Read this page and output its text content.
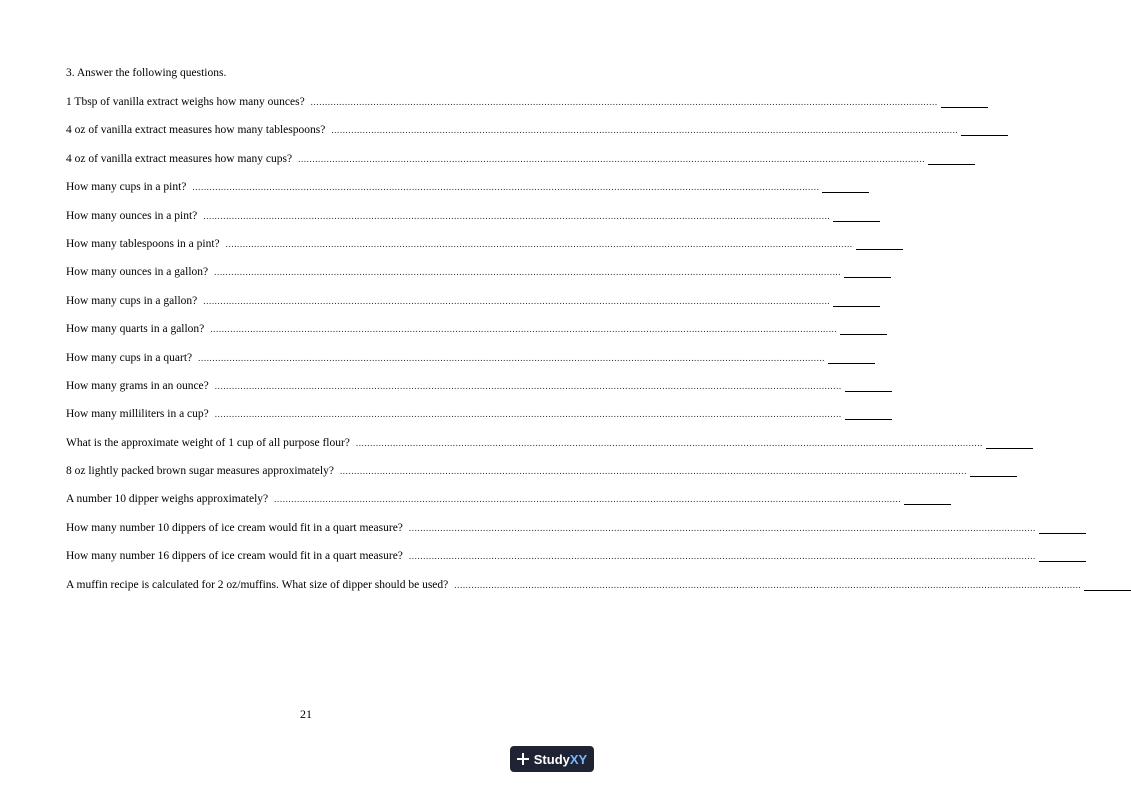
3. Answer the following questions.
1 Tbsp of vanilla extract weighs how many ounces? ............................................................................................................................................................................................................................
4 oz of vanilla extract measures how many tablespoons? ............................................................................................................................................................................................................................
4 oz of vanilla extract measures how many cups? ............................................................................................................................................................................................................................
How many cups in a pint? ............................................................................................................................................................................................................................
How many ounces in a pint? ............................................................................................................................................................................................................................
How many tablespoons in a pint? ............................................................................................................................................................................................................................
How many ounces in a gallon? ............................................................................................................................................................................................................................
How many cups in a gallon? ............................................................................................................................................................................................................................
How many quarts in a gallon? ............................................................................................................................................................................................................................
How many cups in a quart? ............................................................................................................................................................................................................................
How many grams in an ounce? ............................................................................................................................................................................................................................
How many milliliters in a cup? ............................................................................................................................................................................................................................
What is the approximate weight of 1 cup of all purpose flour? ............................................................................................................................................................................................................................
8 oz lightly packed brown sugar measures approximately? ............................................................................................................................................................................................................................
A number 10 dipper weighs approximately? ............................................................................................................................................................................................................................
How many number 10 dippers of ice cream would fit in a quart measure? ............................................................................................................................................................................................................................
How many number 16 dippers of ice cream would fit in a quart measure? ............................................................................................................................................................................................................................
A muffin recipe is calculated for 2 oz/muffins. What size of dipper should be used? ............................................................................................................................................................................................................................
21
Study XY
